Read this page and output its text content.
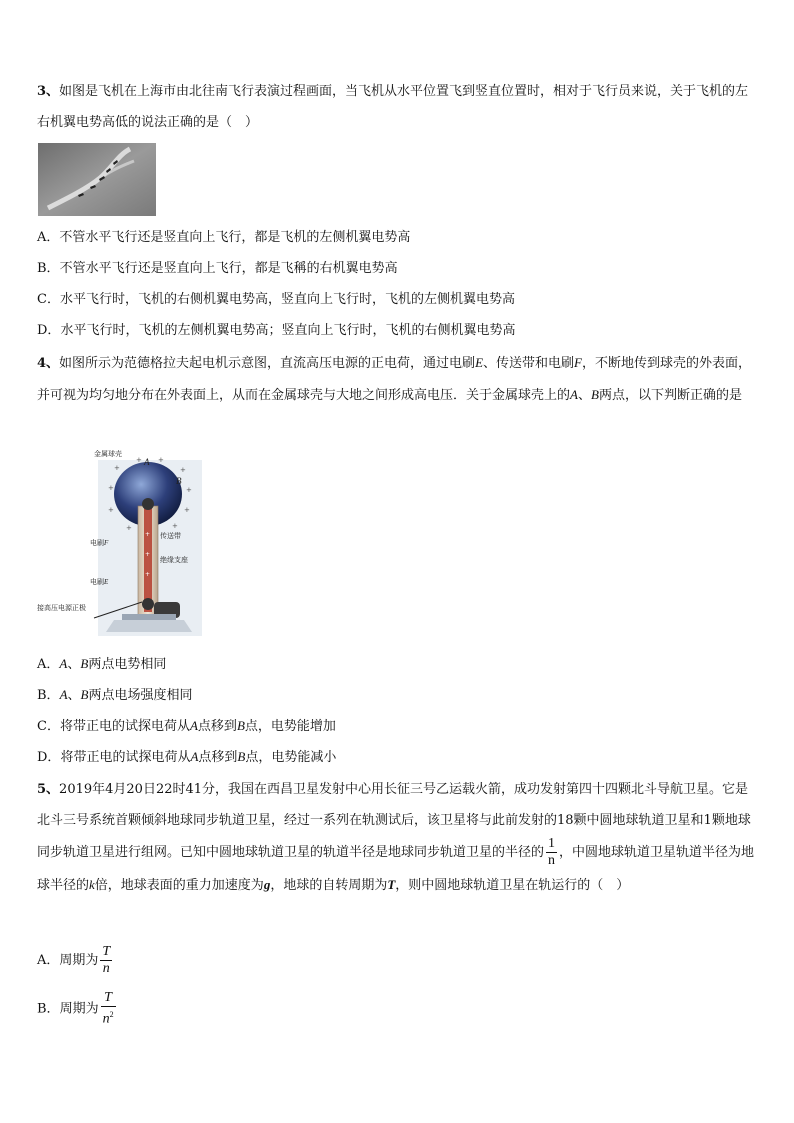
3、如图是飞机在上海市由北往南飞行表演过程画面，当飞机从水平位置飞到竖直位置时，相对于飞行员来说，关于飞机的左右机翼电势高低的说法正确的是（　）
A．不管水平飞行还是竖直向上飞行，都是飞机的左侧机翼电势高
B．不管水平飞行还是竖直向上飞行，都是飞稱的右机翼电势高
C．水平飞行时，飞机的右侧机翼电势高，竖直向上飞行时，飞机的左侧机翼电势高
D．水平飞行时，飞机的左侧机翼电势高；竖直向上飞行时，飞机的右侧机翼电势高
4、如图所示为范德格拉夫起电机示意图，直流高压电源的正电荷，通过电刷E、传送带和电刷F，不断地传到球壳的外表面，并可视为均匀地分布在外表面上，从而在金属球壳与大地之间形成高电压．关于金属球壳上的A、B两点，以下判断正确的是
+
+ +
+
+
+
+
+
+	+
+
+
+
金属球壳
A
B
电刷F
传送带
绝缘支座
电刷E
接高压电源正极
A．A、B两点电势相同
B．A、B两点电场强度相同
C．将带正电的试探电荷从A点移到B点，电势能增加
D．将带正电的试探电荷从A点移到B点，电势能减小
5、2019年4月20日22时41分，我国在西昌卫星发射中心用长征三号乙运载火箭，成功发射第四十四颗北斗导航卫星。它是北斗三号系统首颗倾斜地球同步轨道卫星，经过一系列在轨测试后，该卫星将与此前发射的18颗中圆地球轨道卫星和1颗地球同步轨道卫星进行组网。已知中圆地球轨道卫星的轨道半径是地球同步轨道卫星的半径的 $\frac{1}{n}$ ，中圆地球轨道卫星轨道半径为地球半径的k倍，地球表面的重力加速度为g，地球的自转周期为T，则中圆地球轨道卫星在轨运行的（　）
A．周期为 $\frac{T}{n}$
B．周期为 $\frac{T}{n^2}$
